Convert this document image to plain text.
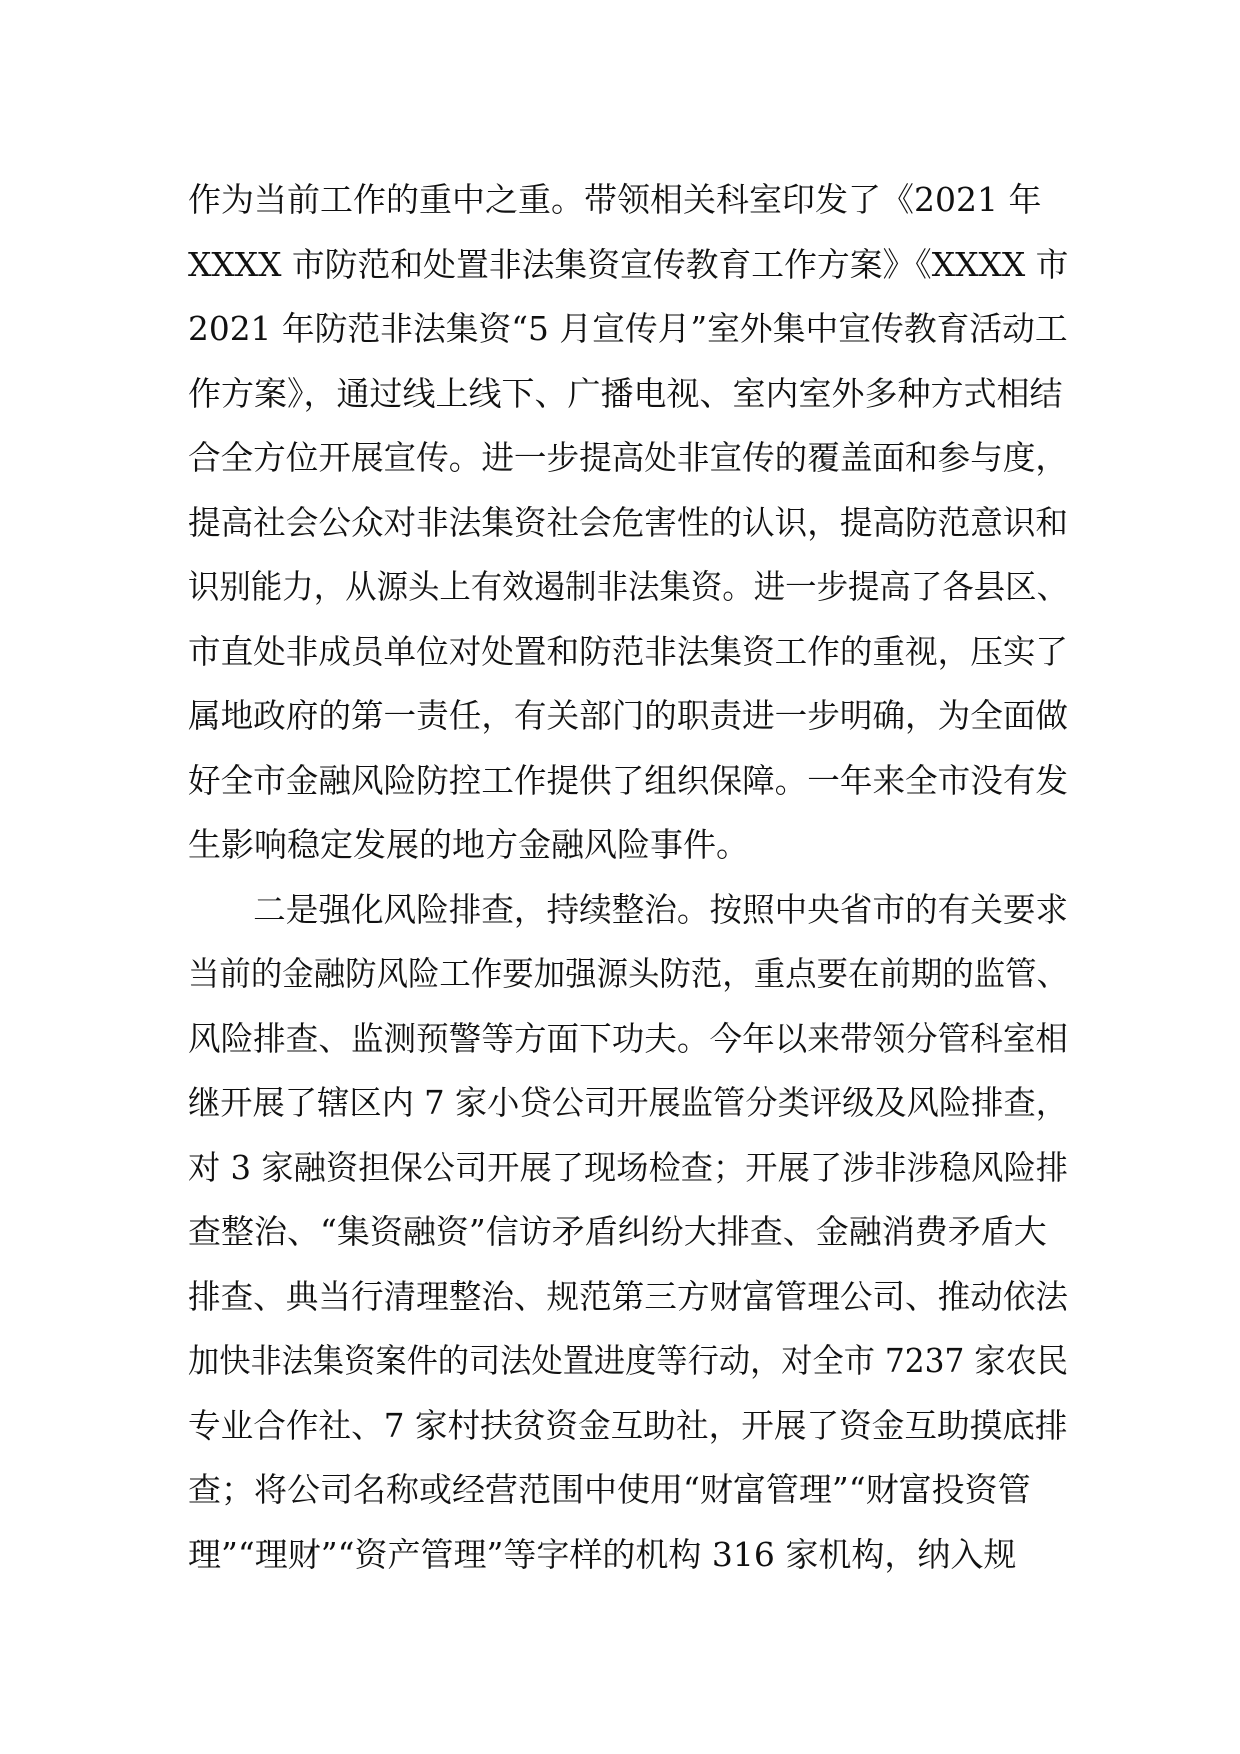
作为当前工作的重中之重。带领相关科室印发了《2021 年
XXXX 市防范和处置非法集资宣传教育工作方案》《XXXX 市
2021 年防范非法集资“5 月宣传月”室外集中宣传教育活动工
作方案》，通过线上线下、广播电视、室内室外多种方式相结
合全方位开展宣传。进一步提高处非宣传的覆盖面和参与度，
提高社会公众对非法集资社会危害性的认识，提高防范意识和
识别能力，从源头上有效遏制非法集资。进一步提高了各县区、
市直处非成员单位对处置和防范非法集资工作的重视，压实了
属地政府的第一责任，有关部门的职责进一步明确，为全面做
好全市金融风险防控工作提供了组织保障。一年来全市没有发
生影响稳定发展的地方金融风险事件。
　　二是强化风险排查，持续整治。按照中央省市的有关要求
当前的金融防风险工作要加强源头防范，重点要在前期的监管、
风险排查、监测预警等方面下功夫。今年以来带领分管科室相
继开展了辖区内 7 家小贷公司开展监管分类评级及风险排查，
对 3 家融资担保公司开展了现场检查；开展了涉非涉稳风险排
查整治、“集资融资”信访矛盾纠纷大排查、金融消费矛盾大
排查、典当行清理整治、规范第三方财富管理公司、推动依法
加快非法集资案件的司法处置进度等行动，对全市 7237 家农民
专业合作社、7 家村扶贫资金互助社，开展了资金互助摸底排
查；将公司名称或经营范围中使用“财富管理”“财富投资管
理”“理财”“资产管理”等字样的机构 316 家机构，纳入规
